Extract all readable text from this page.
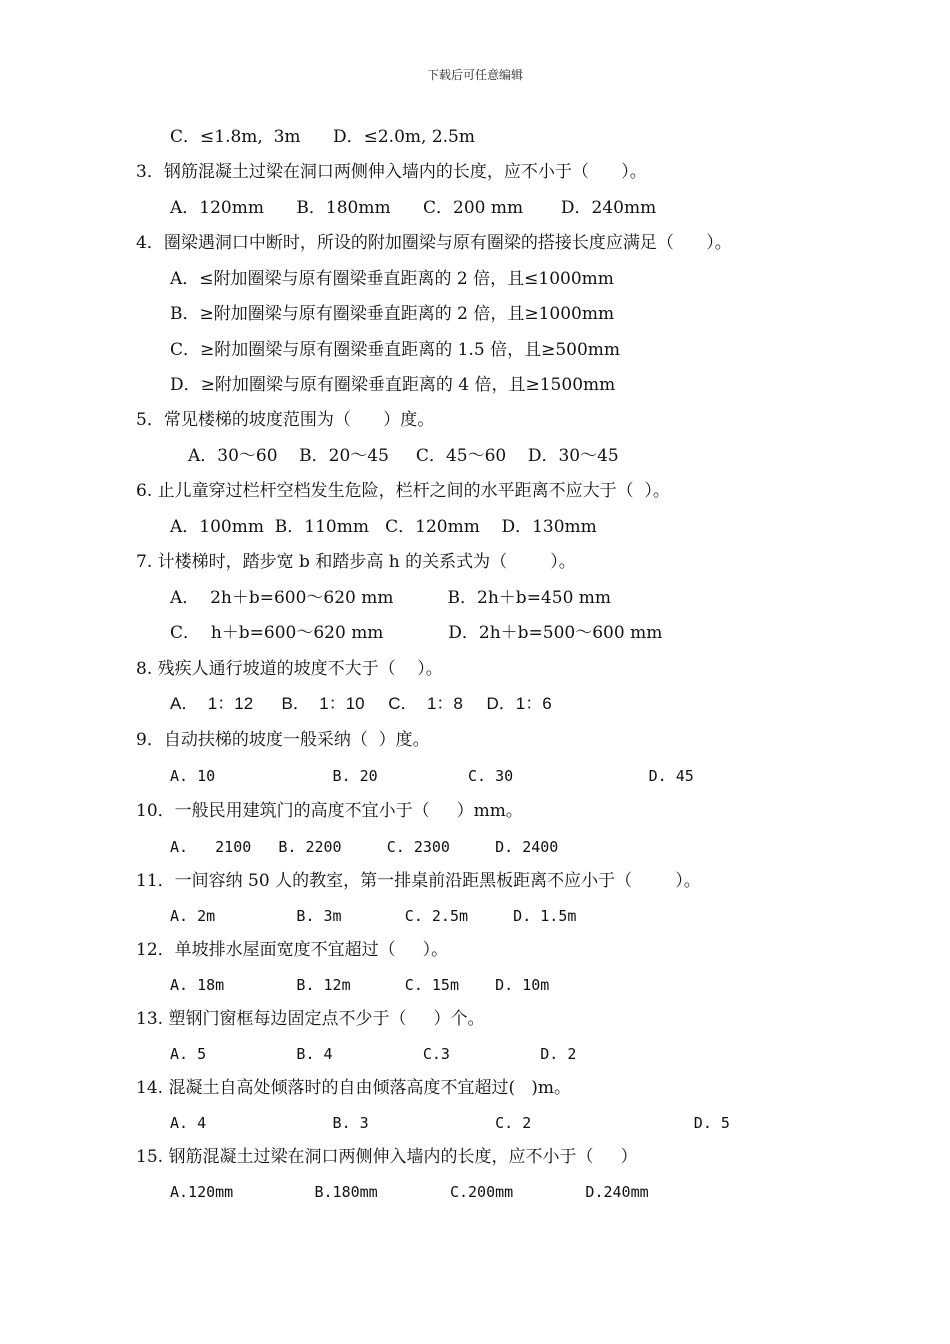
下载后可任意编辑
C．≤1.8m,  3m      D．≤2.0m, 2.5m
3．钢筋混凝土过梁在洞口两侧伸入墙内的长度，应不小于（      ）。
A．120mm      B．180mm      C．200 mm       D．240mm
4．圈梁遇洞口中断时，所设的附加圈梁与原有圈梁的搭接长度应满足（      ）。
A．≤附加圈梁与原有圈梁垂直距离的 2 倍，且≤1000mm
B．≥附加圈梁与原有圈梁垂直距离的 2 倍，且≥1000mm
C．≥附加圈梁与原有圈梁垂直距离的 1.5 倍，且≥500mm
D．≥附加圈梁与原有圈梁垂直距离的 4 倍，且≥1500mm
5．常见楼梯的坡度范围为（      ）度。
A．30～60    B．20～45     C．45～60    D．30～45
6. 止儿童穿过栏杆空档发生危险，栏杆之间的水平距离不应大于（  ）。
A．100mm  B．110mm   C．120mm    D．130mm
7. 计楼梯时，踏步宽 b 和踏步高 h 的关系式为（        ）。
A．  2h＋b=600～620 mm          B．2h＋b=450 mm
C．  h＋b=600～620 mm            D．2h＋b=500～600 mm
8. 残疾人通行坡道的坡度不大于（    ）。
A．  1：12      B．  1：10     C．  1：8     D．1：6
9．自动扶梯的坡度一般采纳（  ）度。
A. 10             B. 20          C. 30               D. 45
10．一般民用建筑门的高度不宜小于（     ）mm。
A.   2100   B. 2200     C. 2300     D. 2400
11．一间容纳 50 人的教室，第一排桌前沿距黑板距离不应小于（        ）。
A. 2m         B. 3m       C. 2.5m     D. 1.5m
12．单坡排水屋面宽度不宜超过（     ）。
A. 18m        B. 12m      C. 15m    D. 10m
13. 塑钢门窗框每边固定点不少于（     ）个。
A. 5          B. 4          C.3          D. 2
14. 混凝土自高处倾落时的自由倾落高度不宜超过(   )m。
A. 4              B. 3              C. 2                  D. 5
15. 钢筋混凝土过梁在洞口两侧伸入墙内的长度，应不小于（     ）
A.120mm         B.180mm        C.200mm        D.240mm
